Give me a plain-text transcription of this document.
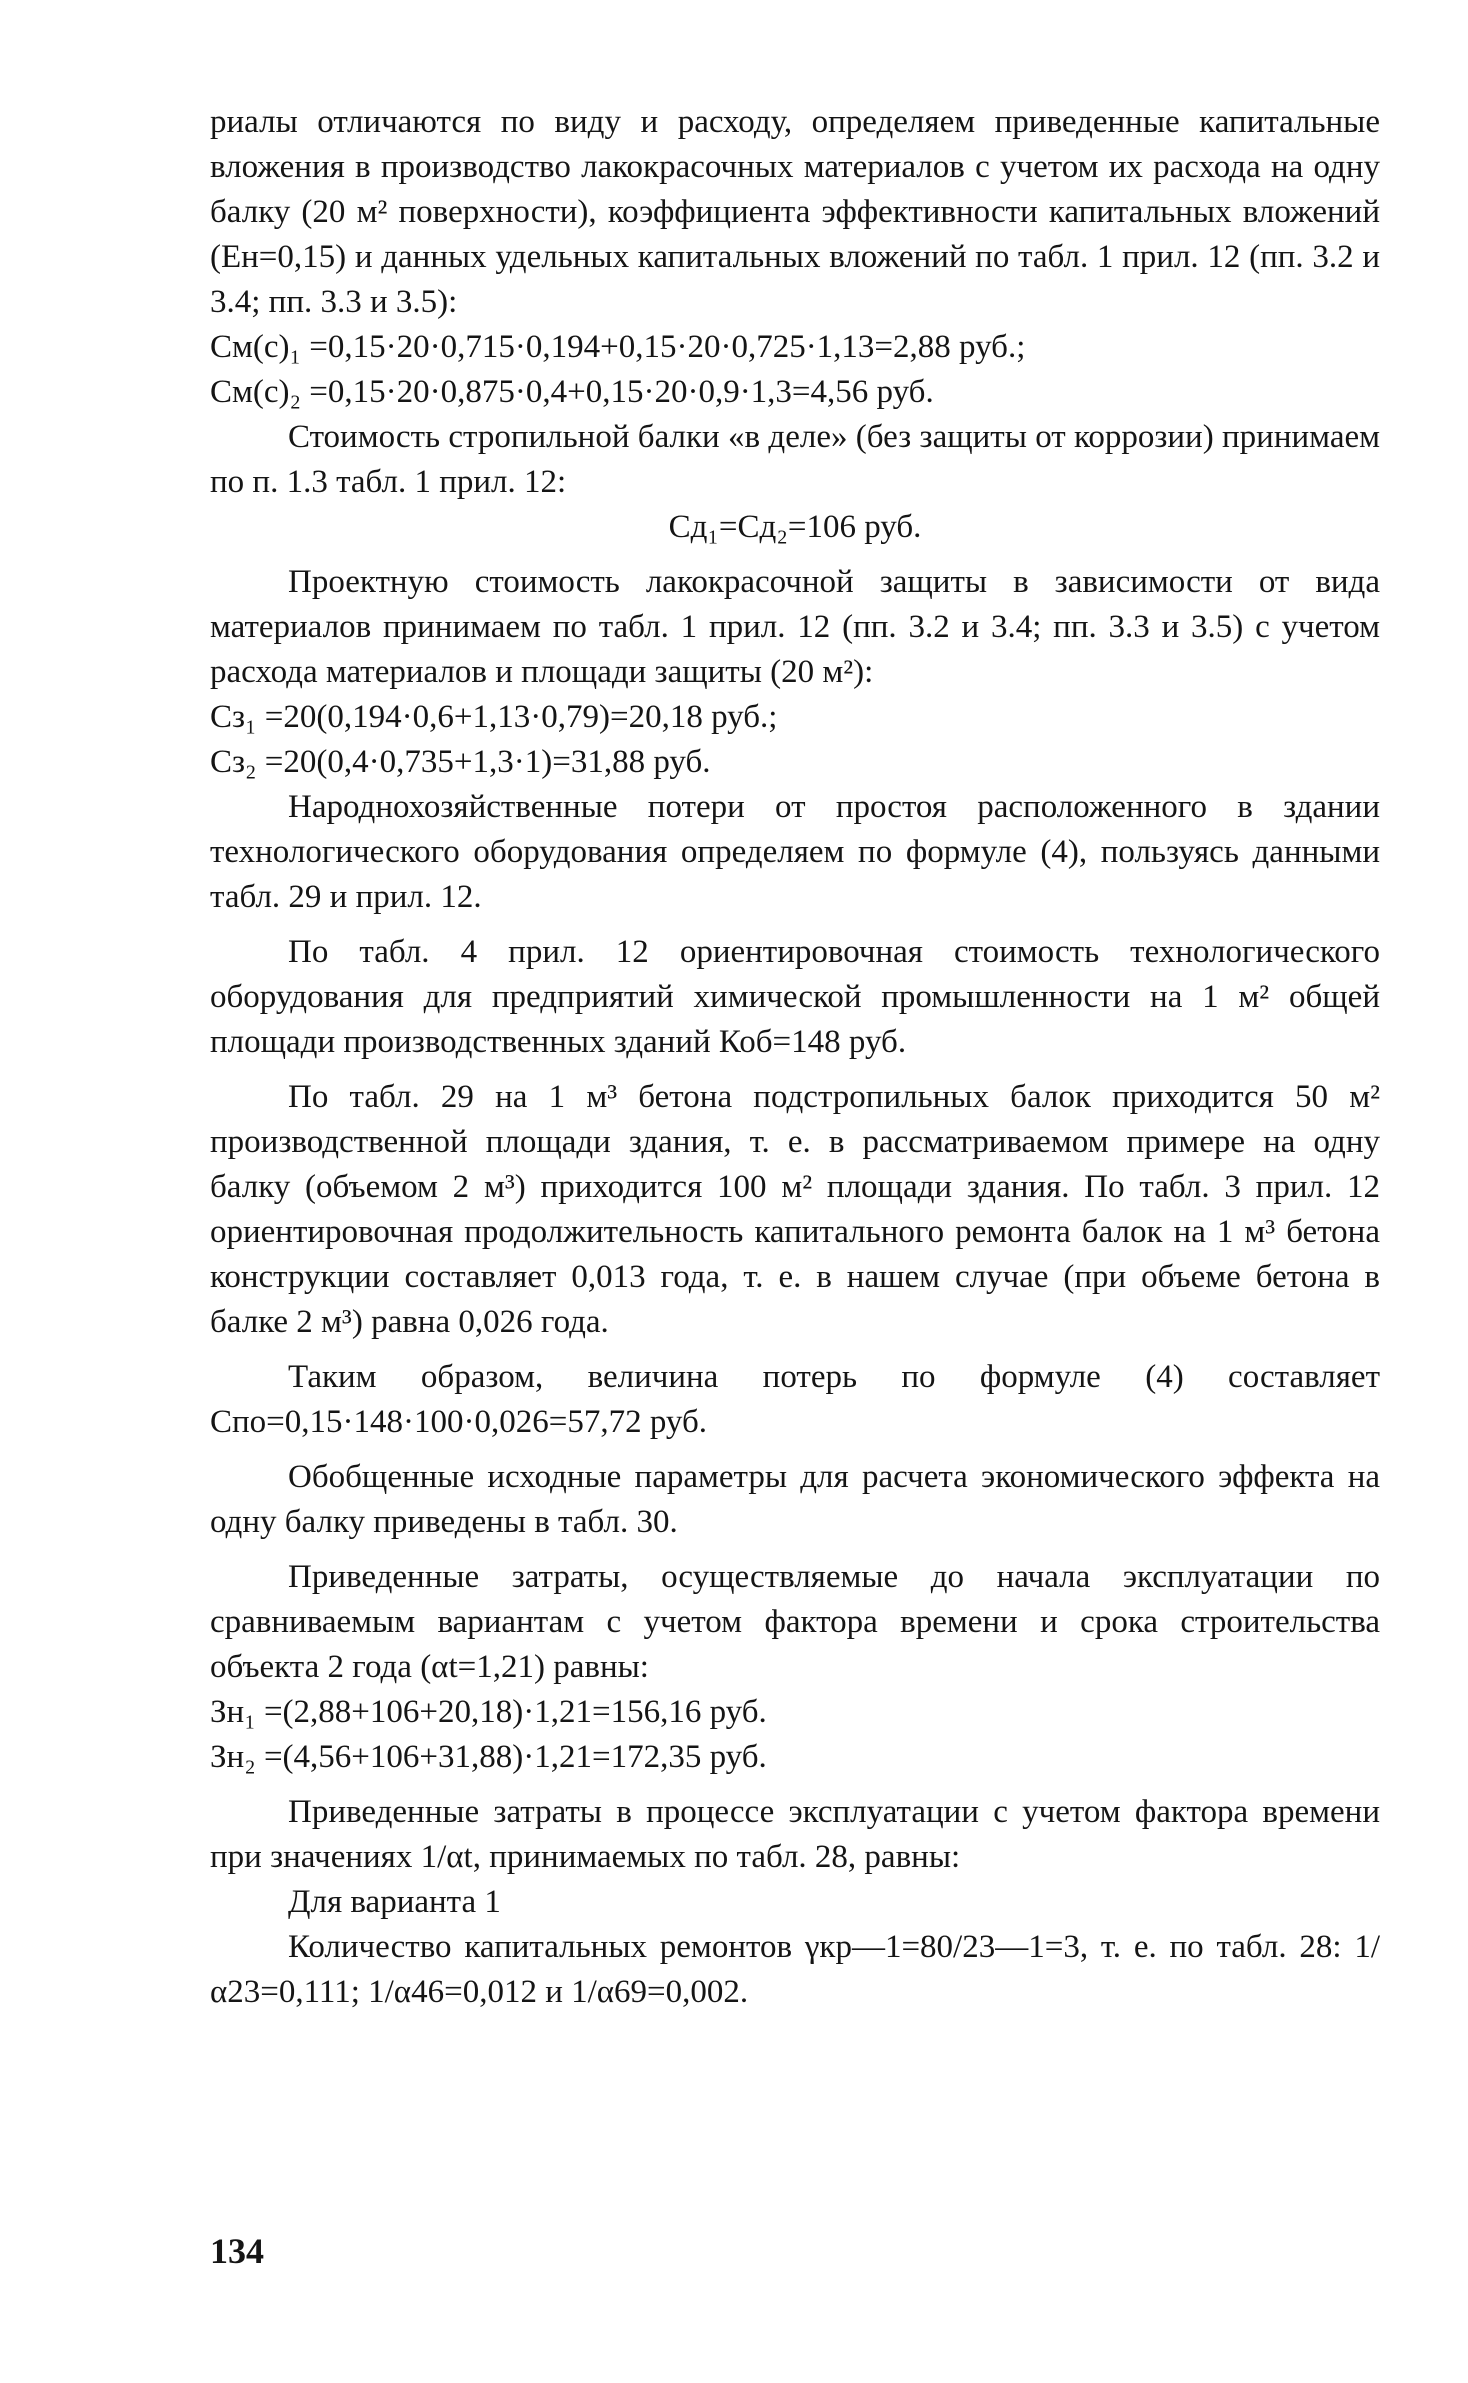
риалы отличаются по виду и расходу, определяем приведенные капитальные вложения в производство лакокрасочных материалов с учетом их расхода на одну балку (20 м² поверхности), коэффициента эффективности капитальных вложений (Eн=0,15) и данных удельных капитальных вложений по табл. 1 прил. 12 (пп. 3.2 и 3.4; пп. 3.3 и 3.5):

См(с)₁ =0,15·20·0,715·0,194+0,15·20·0,725·1,13=2,88 руб.;

См(с)₂ =0,15·20·0,875·0,4+0,15·20·0,9·1,3=4,56 руб.

Стоимость стропильной балки «в деле» (без защиты от коррозии) принимаем по п. 1.3 табл. 1 прил. 12:

Сд₁=Сд₂=106 руб.

Проектную стоимость лакокрасочной защиты в зависимости от вида материалов принимаем по табл. 1 прил. 12 (пп. 3.2 и 3.4; пп. 3.3 и 3.5) с учетом расхода материалов и площади защиты (20 м²):

Сз₁ =20(0,194·0,6+1,13·0,79)=20,18 руб.;

Сз₂ =20(0,4·0,735+1,3·1)=31,88 руб.

Народнохозяйственные потери от простоя расположенного в здании технологического оборудования определяем по формуле (4), пользуясь данными табл. 29 и прил. 12.

По табл. 4 прил. 12 ориентировочная стоимость технологического оборудования для предприятий химической промышленности на 1 м² общей площади производственных зданий Коб=148 руб.

По табл. 29 на 1 м³ бетона подстропильных балок приходится 50 м² производственной площади здания, т. е. в рассматриваемом примере на одну балку (объемом 2 м³) приходится 100 м² площади здания. По табл. 3 прил. 12 ориентировочная продолжительность капитального ремонта балок на 1 м³ бетона конструкции составляет 0,013 года, т. е. в нашем случае (при объеме бетона в балке 2 м³) равна 0,026 года.

Таким образом, величина потерь по формуле (4) составляет Спо=0,15·148·100·0,026=57,72 руб.

Обобщенные исходные параметры для расчета экономического эффекта на одну балку приведены в табл. 30.

Приведенные затраты, осуществляемые до начала эксплуатации по сравниваемым вариантам с учетом фактора времени и срока строительства объекта 2 года (αt=1,21) равны:

Зн₁ =(2,88+106+20,18)·1,21=156,16 руб.

Зн₂ =(4,56+106+31,88)·1,21=172,35 руб.

Приведенные затраты в процессе эксплуатации с учетом фактора времени при значениях 1/αt, принимаемых по табл. 28, равны:

Для варианта 1

Количество капитальных ремонтов γкр—1=80/23—1=3, т. е. по табл. 28: 1/α23=0,111; 1/α46=0,012 и 1/α69=0,002.

134
